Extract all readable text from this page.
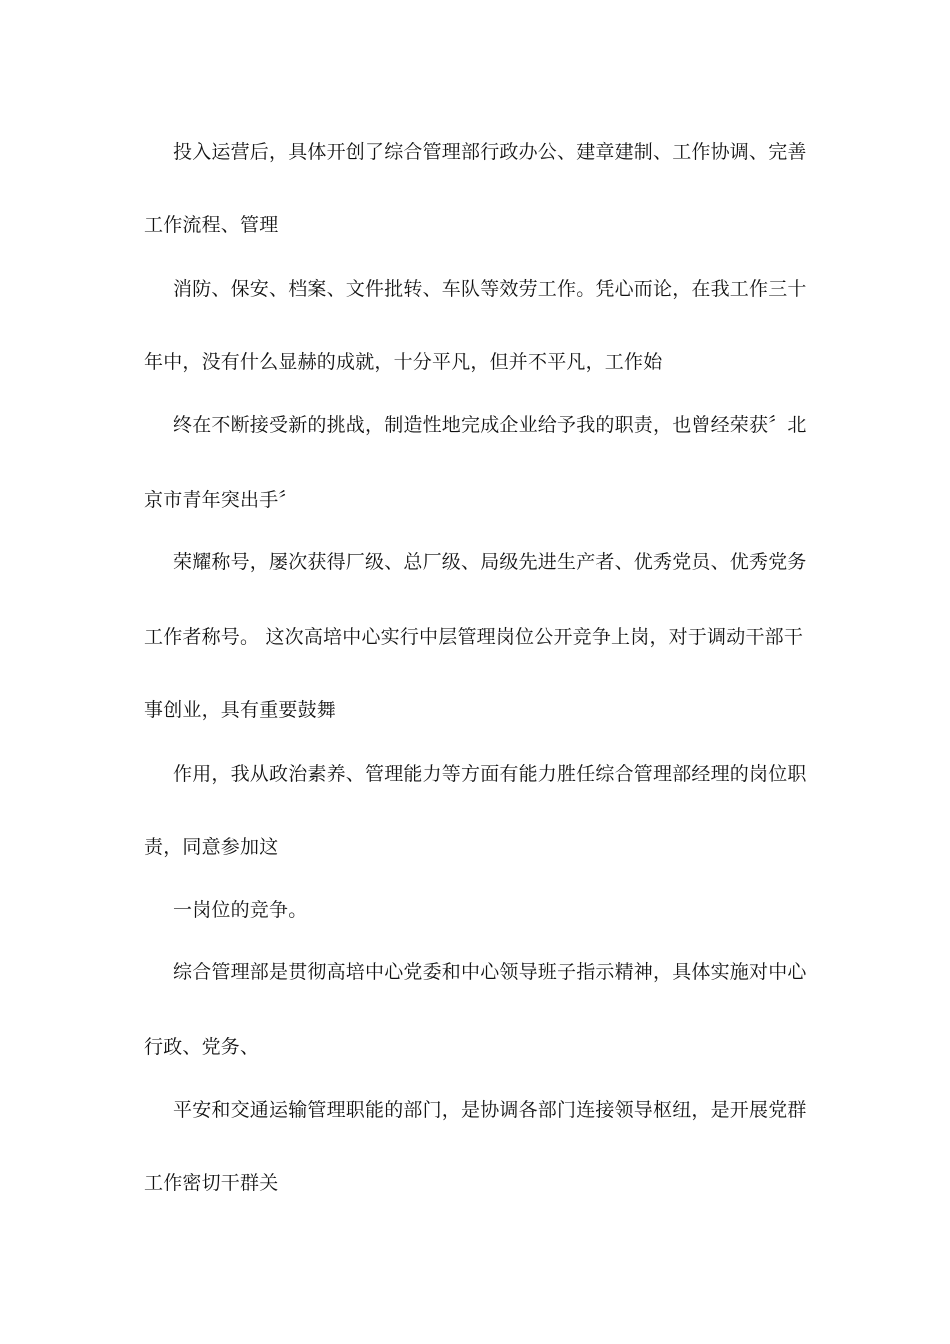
投入运营后，具体开创了综合管理部行政办公、建章建制、工作协调、完善
工作流程、管理
消防、保安、档案、文件批转、车队等效劳工作。凭心而论，在我工作三十
年中，没有什么显赫的成就，十分平凡，但并不平凡，工作始
终在不断接受新的挑战，制造性地完成企业给予我的职责，也曾经荣获〞北
京市青年突出手〞
荣耀称号，屡次获得厂级、总厂级、局级先进生产者、优秀党员、优秀党务
工作者称号。 这次高培中心实行中层管理岗位公开竞争上岗，对于调动干部干
事创业，具有重要鼓舞
作用，我从政治素养、管理能力等方面有能力胜任综合管理部经理的岗位职
责，同意参加这
一岗位的竞争。
综合管理部是贯彻高培中心党委和中心领导班子指示精神，具体实施对中心
行政、党务、
平安和交通运输管理职能的部门，是协调各部门连接领导枢纽，是开展党群
工作密切干群关
